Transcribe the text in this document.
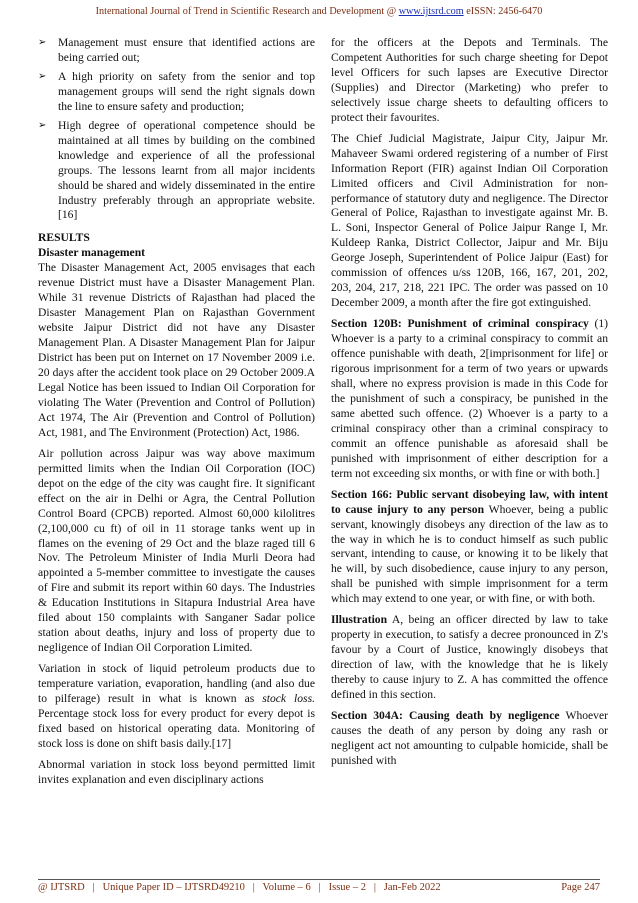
International Journal of Trend in Scientific Research and Development @ www.ijtsrd.com eISSN: 2456-6470
➢ Management must ensure that identified actions are being carried out;
➢ A high priority on safety from the senior and top management groups will send the right signals down the line to ensure safety and production;
➢ High degree of operational competence should be maintained at all times by building on the combined knowledge and experience of all the professional groups. The lessons learnt from all major incidents should be shared and widely disseminated in the entire Industry preferably through an appropriate website.[16]
RESULTS
Disaster management

The Disaster Management Act, 2005 envisages that each revenue District must have a Disaster Management Plan. While 31 revenue Districts of Rajasthan had placed the Disaster Management Plan on Rajasthan Government website Jaipur District did not have any Disaster Management Plan. A Disaster Management Plan for Jaipur District has been put on Internet on 17 November 2009 i.e. 20 days after the accident took place on 29 October 2009.A Legal Notice has been issued to Indian Oil Corporation for violating The Water (Prevention and Control of Pollution) Act 1974, The Air (Prevention and Control of Pollution) Act, 1981, and The Environment (Protection) Act, 1986.

Air pollution across Jaipur was way above maximum permitted limits when the Indian Oil Corporation (IOC) depot on the edge of the city was caught fire. It significant effect on the air in Delhi or Agra, the Central Pollution Control Board (CPCB) reported. Almost 60,000 kilolitres (2,100,000 cu ft) of oil in 11 storage tanks went up in flames on the evening of 29 Oct and the blaze raged till 6 Nov. The Petroleum Minister of India Murli Deora had appointed a 5-member committee to investigate the causes of Fire and submit its report within 60 days. The Industries & Education Institutions in Sitapura Industrial Area have filed about 150 complaints with Sanganer Sadar police station about deaths, injury and loss of property due to negligence of Indian Oil Corporation Limited.

Variation in stock of liquid petroleum products due to temperature variation, evaporation, handling (and also due to pilferage) result in what is known as stock loss. Percentage stock loss for every product for every depot is fixed based on historical operating data. Monitoring of stock loss is done on shift basis daily.[17]

Abnormal variation in stock loss beyond permitted limit invites explanation and even disciplinary actions

for the officers at the Depots and Terminals. The Competent Authorities for such charge sheeting for Depot level Officers for such lapses are Executive Director (Supplies) and Director (Marketing) who prefer to selectively issue charge sheets to defaulting officers to protect their favourites.

The Chief Judicial Magistrate, Jaipur City, Jaipur Mr. Mahaveer Swami ordered registering of a number of First Information Report (FIR) against Indian Oil Corporation Limited officers and Civil Administration for non-performance of statutory duty and negligence. The Director General of Police, Rajasthan to investigate against Mr. B. L. Soni, Inspector General of Police Jaipur Range I, Mr. Kuldeep Ranka, District Collector, Jaipur and Mr. Biju George Joseph, Superintendent of Police Jaipur (East) for commission of offences u/ss 120B, 166, 167, 201, 202, 203, 204, 217, 218, 221 IPC. The order was passed on 10 December 2009, a month after the fire got extinguished.

Section 120B: Punishment of criminal conspiracy (1) Whoever is a party to a criminal conspiracy to commit an offence punishable with death, 2[imprisonment for life] or rigorous imprisonment for a term of two years or upwards shall, where no express provision is made in this Code for the punishment of such a conspiracy, be punished in the same abetted such offence. (2) Whoever is a party to a criminal conspiracy other than a criminal conspiracy to commit an offence punishable as aforesaid shall be punished with imprisonment of either description for a term not exceeding six months, or with fine or with both.]

Section 166: Public servant disobeying law, with intent to cause injury to any person Whoever, being a public servant, knowingly disobeys any direction of the law as to the way in which he is to conduct himself as such public servant, intending to cause, or knowing it to be likely that he will, by such disobedience, cause injury to any person, shall be punished with simple imprisonment for a term which may extend to one year, or with fine, or with both.

Illustration A, being an officer directed by law to take property in execution, to satisfy a decree pronounced in Z's favour by a Court of Justice, knowingly disobeys that direction of law, with the knowledge that he is likely thereby to cause injury to Z. A has committed the offence defined in this section.

Section 304A: Causing death by negligence Whoever causes the death of any person by doing any rash or negligent act not amounting to culpable homicide, shall be punished with

@ IJTSRD   |   Unique Paper ID – IJTSRD49210   |   Volume – 6   |   Issue – 2   |   Jan-Feb 2022	Page 247
